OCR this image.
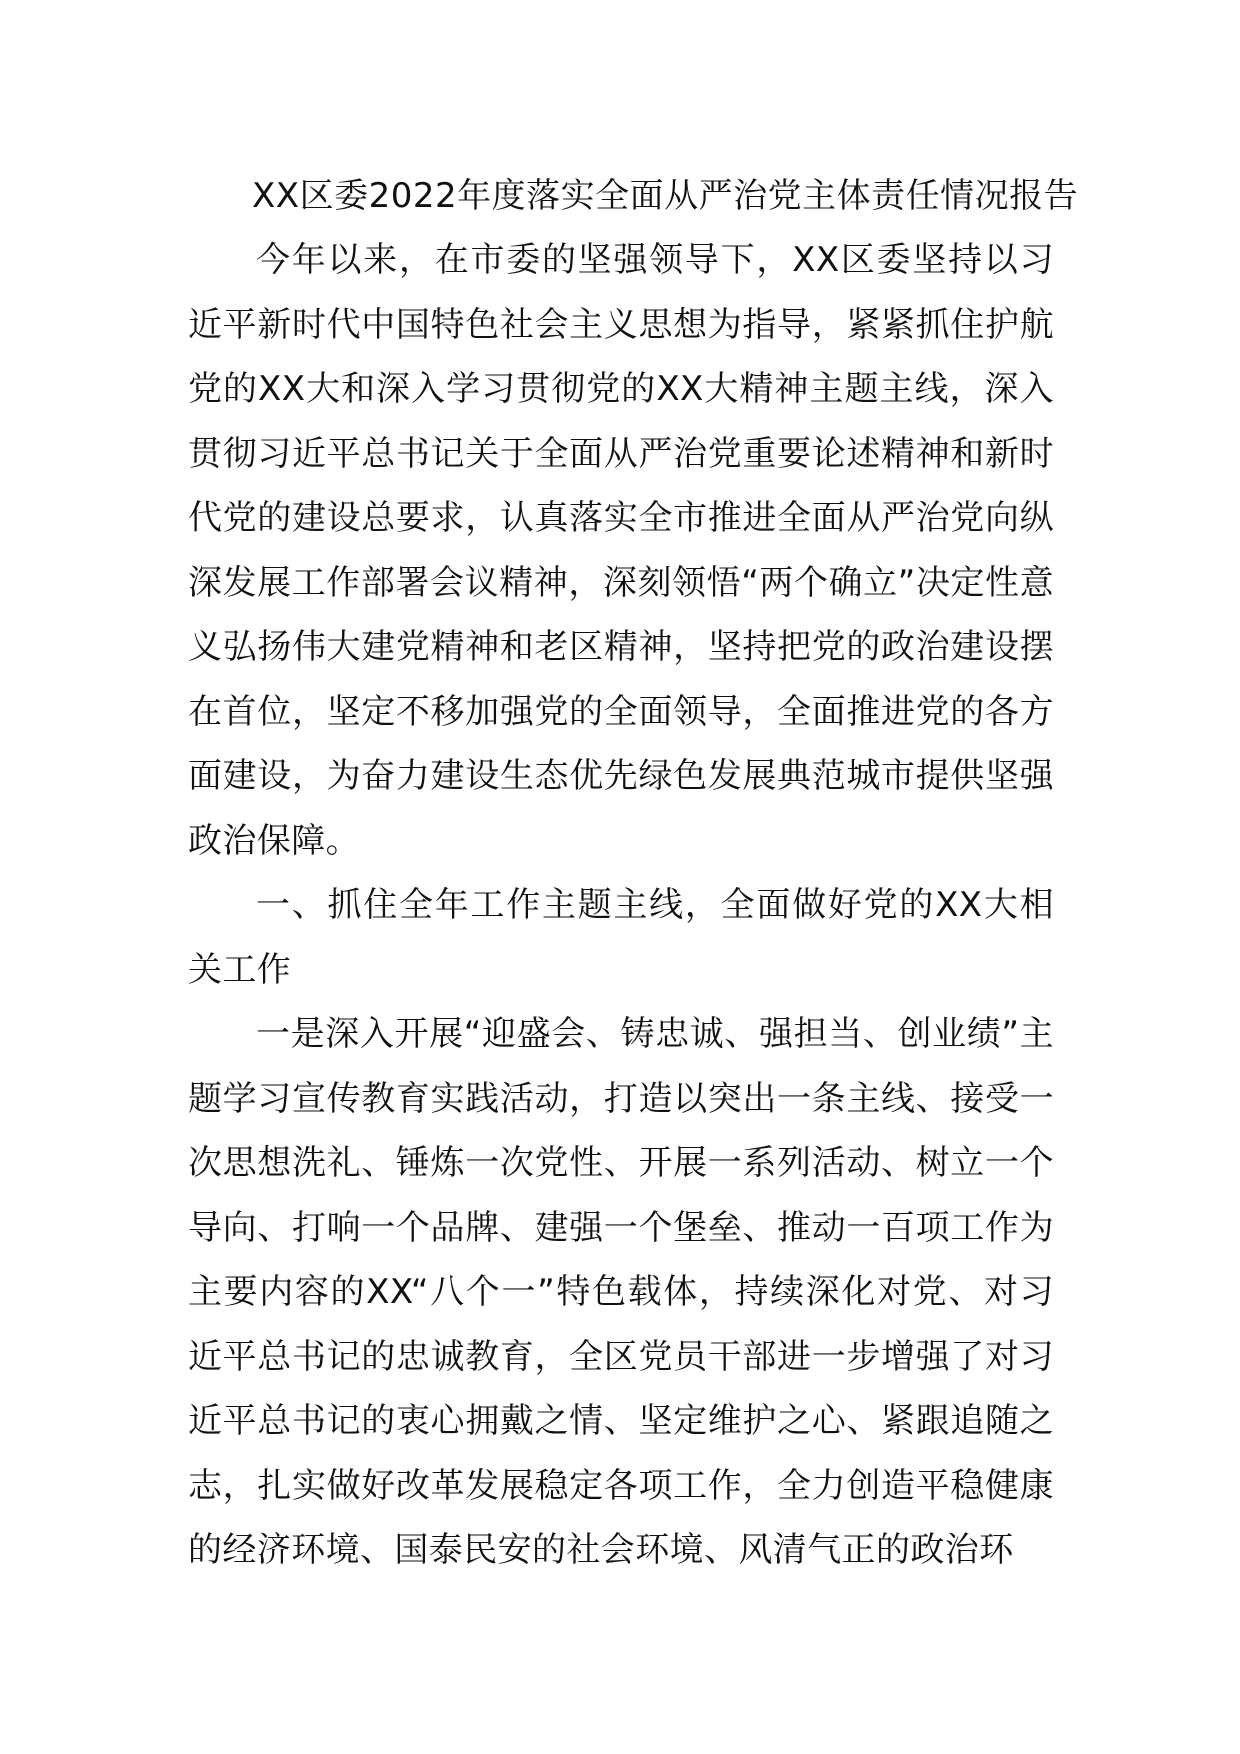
XX区委2022年度落实全面从严治党主体责任情况报告

今年以来，在市委的坚强领导下，XX区委坚持以习近平新时代中国特色社会主义思想为指导，紧紧抓住护航党的XX大和深入学习贯彻党的XX大精神主题主线，深入贯彻习近平总书记关于全面从严治党重要论述精神和新时代党的建设总要求，认真落实全市推进全面从严治党向纵深发展工作部署会议精神，深刻领悟“两个确立”决定性意义弘扬伟大建党精神和老区精神，坚持把党的政治建设摆在首位，坚定不移加强党的全面领导，全面推进党的各方面建设，为奋力建设生态优先绿色发展典范城市提供坚强政治保障。

一、抓住全年工作主题主线，全面做好党的XX大相关工作

一是深入开展“迎盛会、铸忠诚、强担当、创业绩”主题学习宣传教育实践活动，打造以突出一条主线、接受一次思想洗礼、锤炼一次党性、开展一系列活动、树立一个导向、打响一个品牌、建强一个堡垒、推动一百项工作为主要内容的XX“八个一”特色载体，持续深化对党、对习近平总书记的忠诚教育，全区党员干部进一步增强了对习近平总书记的衷心拥戴之情、坚定维护之心、紧跟追随之志，扎实做好改革发展稳定各项工作，全力创造平稳健康的经济环境、国泰民安的社会环境、风清气正的政治环
